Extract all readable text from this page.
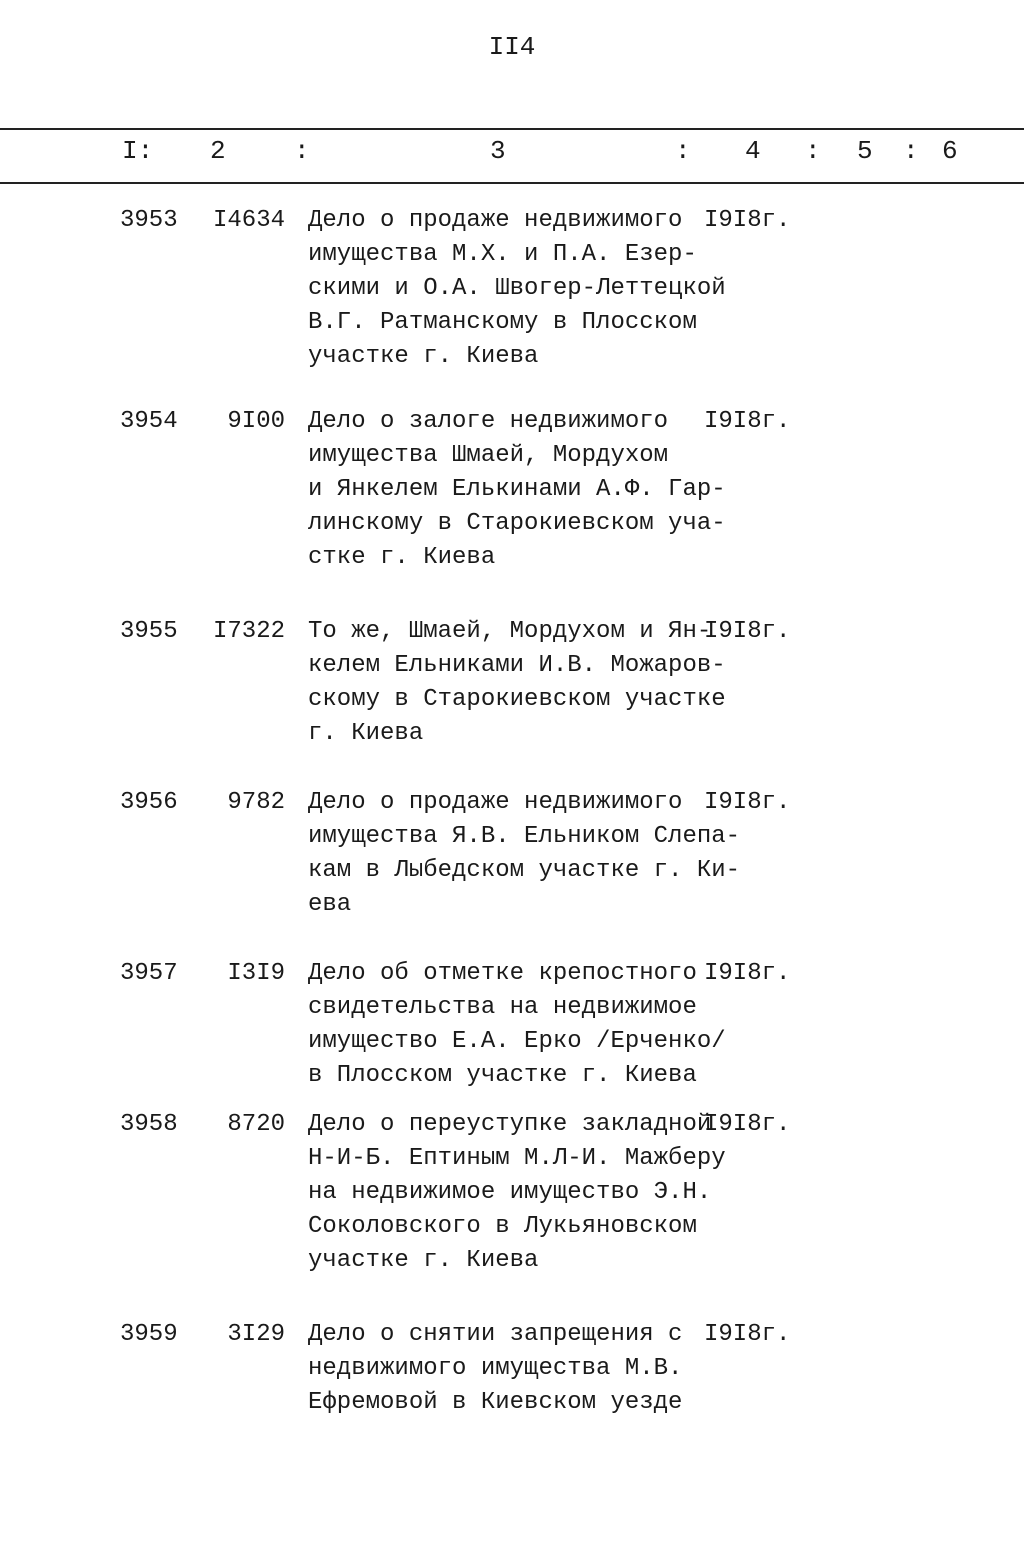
II4
I: 2	:	3	: 4 : 5 : 6
3953	I4634 Дело о продаже недвижимого
имущества М.Х. и П.А. Езер-
скими и О.А. Швогер-Леттецкой
В.Г. Ратманскому в Плосском
участке г. Киева
I9I8г.
3954	9I00 Дело о залоге недвижимого
имущества Шмаей, Мордухом
и Янкелем Елькинами А.Ф. Гар-
линскому в Старокиевском уча-
стке г. Киева
I9I8г.
3955	I7322 То же, Шмаей, Мордухом и Ян-
келем Ельниками И.В. Можаров-
скому в Старокиевском участке
г. Киева
I9I8г.
3956	9782 Дело о продаже недвижимого
имущества Я.В. Ельником Слепа-
кам в Лыбедском участке г. Ки-
ева
I9I8г.
3957	I3I9 Дело об отметке крепостного
свидетельства на недвижимое
имущество Е.А. Ерко /Ерченко/
в Плосском участке г. Киева
I9I8г.
3958	8720 Дело о переуступке закладной
Н-И-Б. Ептиным М.Л-И. Мажберу
на недвижимое имущество Э.Н.
Соколовского в Лукьяновском
участке г. Киева
I9I8г.
3959	3I29 Дело о снятии запрещения с
недвижимого имущества М.В.
Ефремовой в Киевском уезде
I9I8г.
